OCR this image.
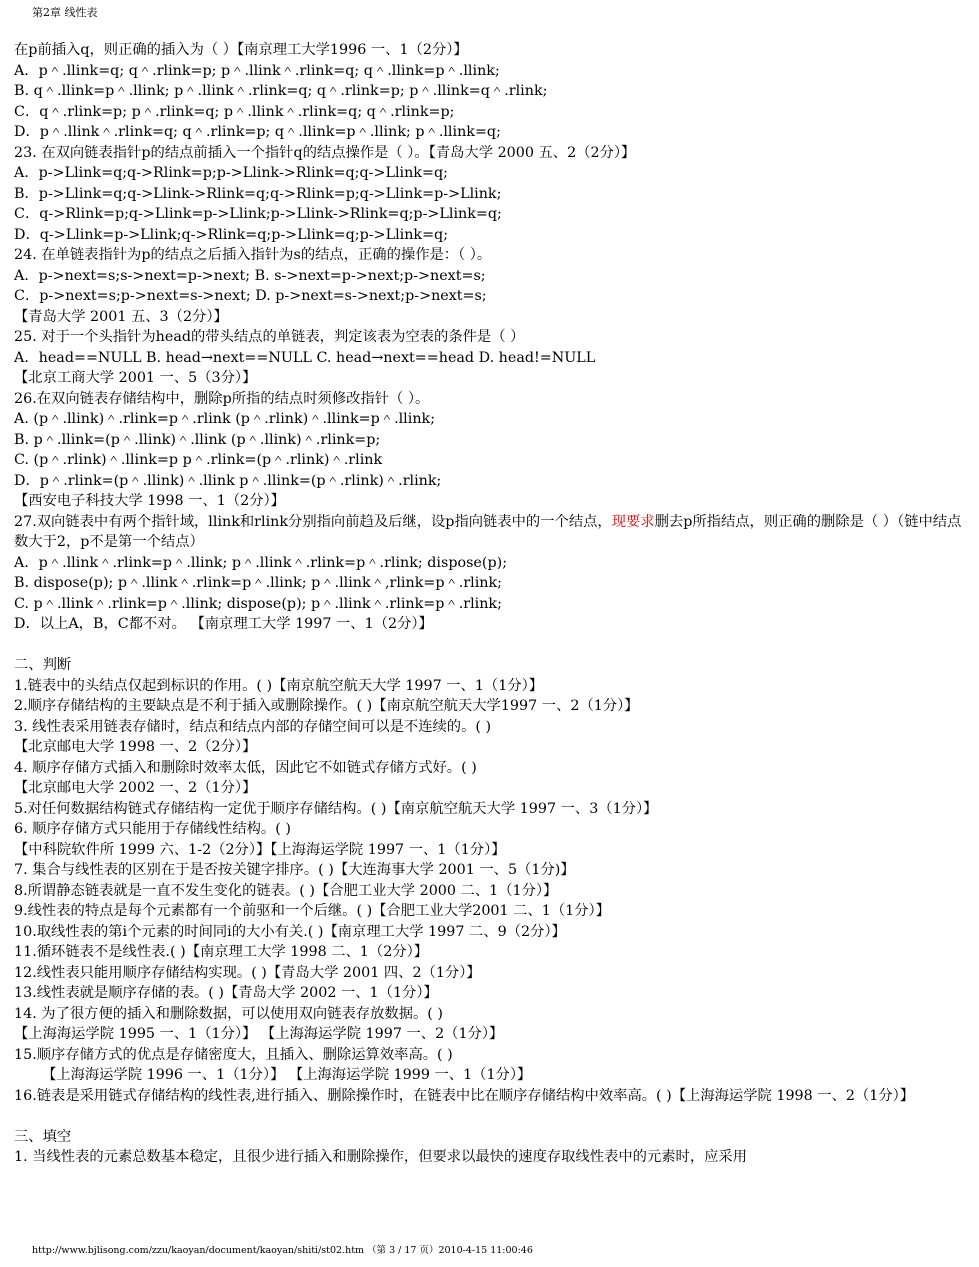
第2章 线性表
在p前插入q，则正确的插入为（ ）【南京理工大学1996 一、1（2分）】
A．p＾.llink=q; q＾.rlink=p; p＾.llink＾.rlink=q; q＾.llink=p＾.llink;
B. q＾.llink=p＾.llink; p＾.llink＾.rlink=q; q＾.rlink=p; p＾.llink=q＾.rlink;
C．q＾.rlink=p; p＾.rlink=q; p＾.llink＾.rlink=q; q＾.rlink=p;
D．p＾.llink＾.rlink=q; q＾.rlink=p; q＾.llink=p＾.llink; p＾.llink=q;
23. 在双向链表指针p的结点前插入一个指针q的结点操作是（ ）。【青岛大学 2000 五、2（2分）】
A．p->Llink=q;q->Rlink=p;p->Llink->Rlink=q;q->Llink=q;
B．p->Llink=q;q->Llink->Rlink=q;q->Rlink=p;q->Llink=p->Llink;
C．q->Rlink=p;q->Llink=p->Llink;p->Llink->Rlink=q;p->Llink=q;
D．q->Llink=p->Llink;q->Rlink=q;p->Llink=q;p->Llink=q;
24. 在单链表指针为p的结点之后插入指针为s的结点，正确的操作是：（ ）。
A．p->next=s;s->next=p->next; B. s->next=p->next;p->next=s;
C．p->next=s;p->next=s->next; D. p->next=s->next;p->next=s;
【青岛大学 2001 五、3（2分）】
25. 对于一个头指针为head的带头结点的单链表，判定该表为空表的条件是（ ）
A．head==NULL B. head→next==NULL C. head→next==head D. head!=NULL
【北京工商大学 2001 一、5（3分）】
26.在双向链表存储结构中，删除p所指的结点时须修改指针（ ）。
A. (p＾.llink)＾.rlink=p＾.rlink (p＾.rlink)＾.llink=p＾.llink;
B. p＾.llink=(p＾.llink)＾.llink (p＾.llink)＾.rlink=p;
C. (p＾.rlink)＾.llink=p p＾.rlink=(p＾.rlink)＾.rlink
D．p＾.rlink=(p＾.llink)＾.llink p＾.llink=(p＾.rlink)＾.rlink;
【西安电子科技大学 1998 一、1（2分）】
27.双向链表中有两个指针域，llink和rlink分别指向前趋及后继，设p指向链表中的一个结点，现要求删去p所指结点，则正确的删除是（ ）（链中结点数大于2，p不是第一个结点）
A．p＾.llink＾.rlink=p＾.llink; p＾.llink＾.rlink=p＾.rlink; dispose(p);
B. dispose(p); p＾.llink＾.rlink=p＾.llink; p＾.llink＾,rlink=p＾.rlink;
C. p＾.llink＾.rlink=p＾.llink; dispose(p); p＾.llink＾.rlink=p＾.rlink;
D．以上A，B，C都不对。 【南京理工大学 1997 一、1（2分）】
二、判断
1.链表中的头结点仅起到标识的作用。( )【南京航空航天大学 1997 一、1（1分）】
2.顺序存储结构的主要缺点是不利于插入或删除操作。( )【南京航空航天大学1997 一、2（1分）】
3. 线性表采用链表存储时，结点和结点内部的存储空间可以是不连续的。( )
【北京邮电大学 1998 一、2（2分）】
4. 顺序存储方式插入和删除时效率太低，因此它不如链式存储方式好。( )
【北京邮电大学 2002 一、2（1分）】
5.对任何数据结构链式存储结构一定优于顺序存储结构。( )【南京航空航天大学 1997 一、3（1分）】
6. 顺序存储方式只能用于存储线性结构。( )
【中科院软件所 1999 六、1-2（2分）】【上海海运学院 1997 一、1（1分）】
7. 集合与线性表的区别在于是否按关键字排序。( )【大连海事大学 2001 一、5（1分)】
8.所谓静态链表就是一直不发生变化的链表。( )【合肥工业大学 2000 二、1（1分）】
9.线性表的特点是每个元素都有一个前驱和一个后继。( )【合肥工业大学2001 二、1（1分）】
10.取线性表的第i个元素的时间同i的大小有关.( )【南京理工大学 1997 二、9（2分）】
11.循环链表不是线性表.( )【南京理工大学 1998 二、1（2分）】
12.线性表只能用顺序存储结构实现。( )【青岛大学 2001 四、2（1分）】
13.线性表就是顺序存储的表。( )【青岛大学 2002 一、1（1分）】
14. 为了很方便的插入和删除数据，可以使用双向链表存放数据。( )
【上海海运学院 1995 一、1（1分）】 【上海海运学院 1997 一、2（1分）】
15.顺序存储方式的优点是存储密度大，且插入、删除运算效率高。( )
【上海海运学院 1996 一、1（1分）】 【上海海运学院 1999 一、1（1分）】
16.链表是采用链式存储结构的线性表,进行插入、删除操作时，在链表中比在顺序存储结构中效率高。( )【上海海运学院 1998 一、2（1分）】
三、填空
1. 当线性表的元素总数基本稳定，且很少进行插入和删除操作，但要求以最快的速度存取线性表中的元素时，应采用
http://www.bjlisong.com/zzu/kaoyan/document/kaoyan/shiti/st02.htm （第 3 / 17 页）2010-4-15 11:00:46
